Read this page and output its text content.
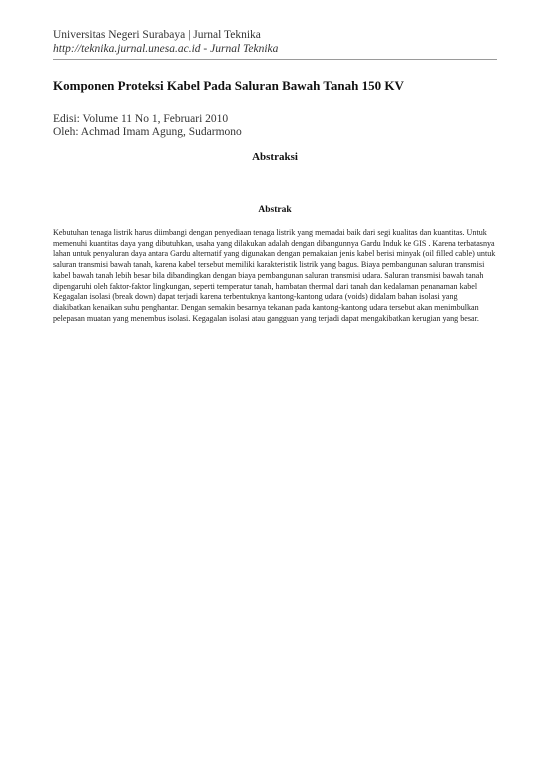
Universitas Negeri Surabaya | Jurnal Teknika
http://teknika.jurnal.unesa.ac.id - Jurnal Teknika
Komponen Proteksi Kabel Pada Saluran Bawah Tanah 150 KV
Edisi: Volume 11 No 1, Februari 2010
Oleh: Achmad Imam Agung, Sudarmono
Abstraksi
Abstrak
Kebutuhan tenaga listrik harus diimbangi dengan penyediaan tenaga listrik yang memadai baik dari segi kualitas dan kuantitas. Untuk memenuhi kuantitas daya yang dibutuhkan, usaha yang dilakukan adalah dengan dibangunnya Gardu Induk ke GIS . Karena terbatasnya lahan untuk penyaluran daya antara Gardu alternatif yang digunakan dengan pemakaian jenis kabel berisi minyak (oil filled cable) untuk saluran transmisi bawah tanah, karena kabel tersebut memiliki karakteristik listrik yang bagus. Biaya pembangunan saluran transmisi kabel bawah tanah lebih besar bila dibandingkan dengan biaya pembangunan saluran transmisi udara. Saluran transmisi bawah tanah dipengaruhi oleh faktor-faktor lingkungan, seperti temperatur tanah, hambatan thermal dari tanah dan kedalaman penanaman kabel Kegagalan isolasi (break down) dapat terjadi karena terbentuknya kantong-kantong udara (voids) didalam bahan isolasi yang diakibatkan kenaikan suhu penghantar. Dengan semakin besarnya tekanan pada kantong-kantong udara tersebut akan menimbulkan pelepasan muatan yang menembus isolasi. Kegagalan isolasi atau gangguan yang terjadi dapat mengakibatkan kerugian yang besar.
